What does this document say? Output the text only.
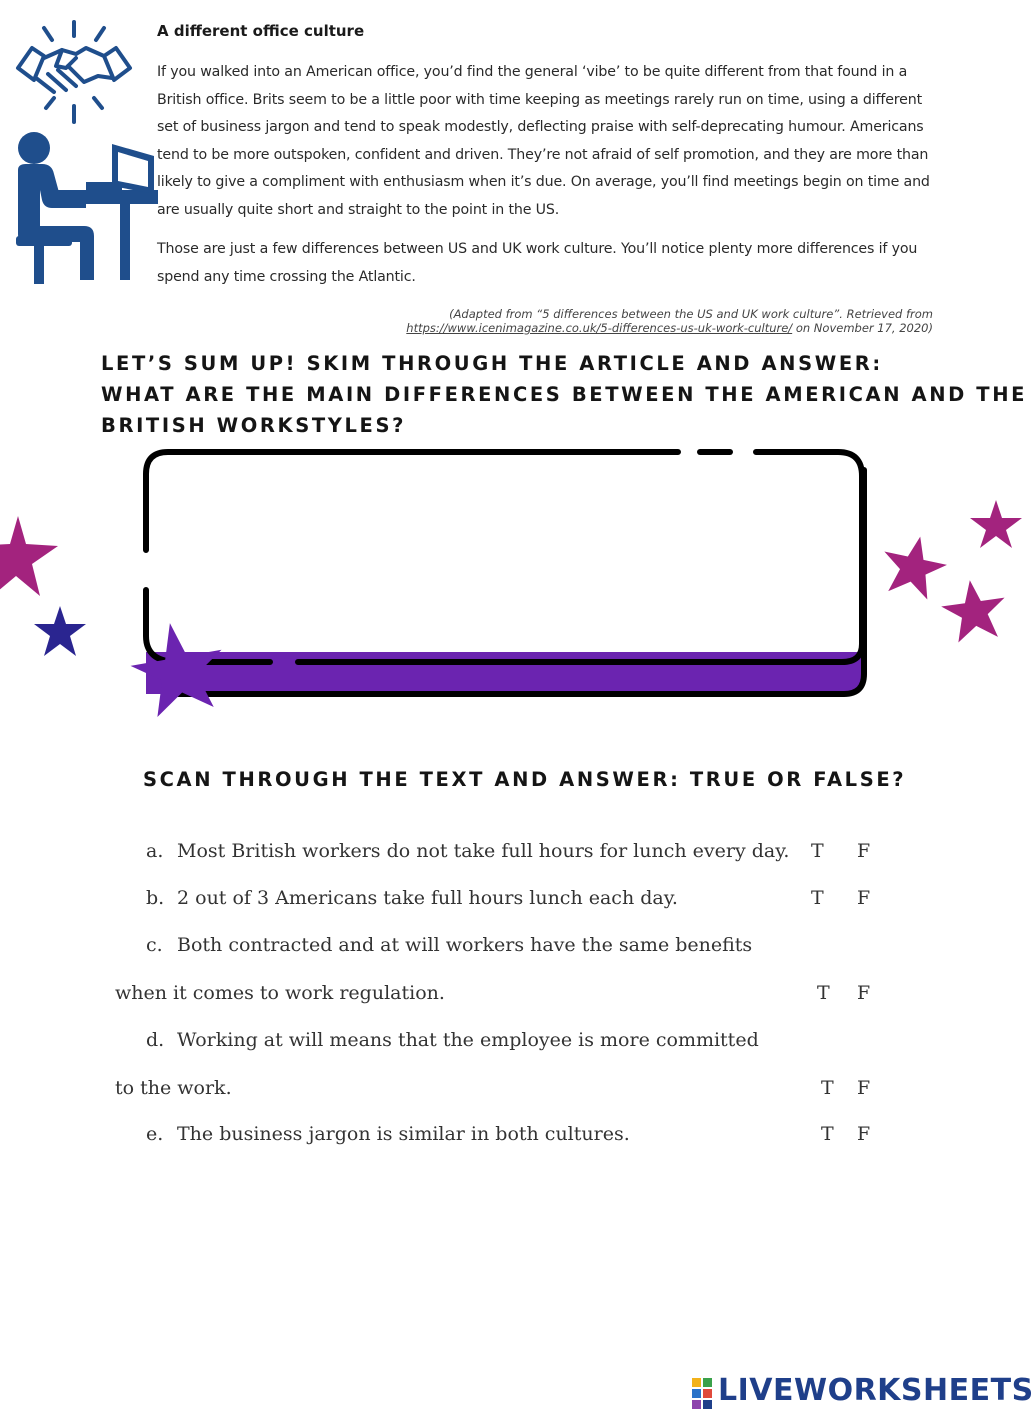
A different office culture
If you walked into an American office, you’d find the general ‘vibe’ to be quite different from that found in a British office. Brits seem to be a little poor with time keeping as meetings rarely run on time, using a different set of business jargon and tend to speak modestly, deflecting praise with self-deprecating humour. Americans tend to be more outspoken, confident and driven. They’re not afraid of self promotion, and they are more than likely to give a compliment with enthusiasm when it’s due. On average, you’ll find meetings begin on time and are usually quite short and straight to the point in the US.
Those are just a few differences between US and UK work culture. You’ll notice plenty more differences if you spend any time crossing the Atlantic.
(Adapted from “5 differences between the US and UK work culture”. Retrieved from
https://www.icenimagazine.co.uk/5-differences-us-uk-work-culture/ on November 17, 2020)
LET’S SUM UP! SKIM THROUGH THE ARTICLE AND ANSWER:
WHAT ARE THE MAIN DIFFERENCES BETWEEN THE AMERICAN AND THE
BRITISH WORKSTYLES?
SCAN THROUGH THE TEXT AND ANSWER: TRUE OR FALSE?
a. Most British workers do not take full hours for lunch every day. T F
b. 2 out of 3 Americans take full hours lunch each day.	T F
c. Both contracted and at will workers have the same benefits
when it comes to work regulation.	T F
d. Working at will means that the employee is more committed
to the work.	T F
e. The business jargon is similar in both cultures.	T F
LIVEWORKSHEETS
